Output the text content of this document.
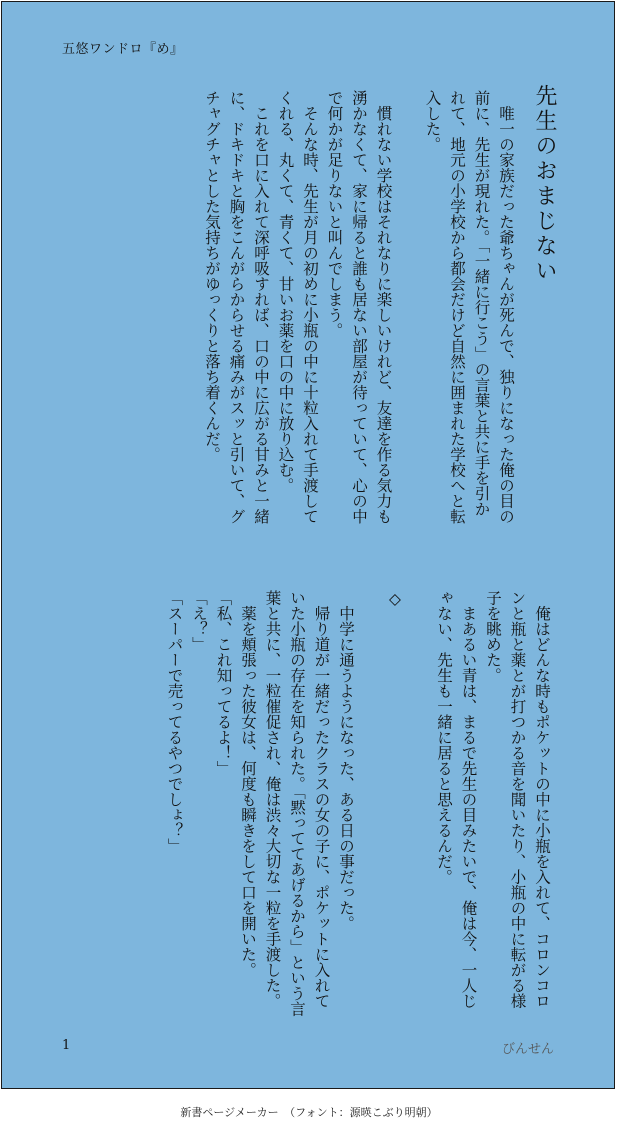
五悠ワンドロ『め』
先生のおまじない
　唯一の家族だった爺ちゃんが死んで、独りになった俺の目の前に、先生が現れた。「一緒に行こう」の言葉と共に手を引かれて、地元の小学校から都会だけど自然に囲まれた学校へと転入した。

　慣れない学校はそれなりに楽しいけれど、友達を作る気力も湧かなくて、家に帰ると誰も居ない部屋が待っていて、心の中で何かが足りないと叫んでしまう。
　そんな時、先生が月の初めに小瓶の中に十粒入れて手渡してくれる、丸くて、青くて、甘いお薬を口の中に放り込む。
　これを口に入れて深呼吸すれば、口の中に広がる甘みと一緒に、ドキドキと胸をこんがらからせる痛みがスッと引いて、グチャグチャとした気持ちがゆっくりと落ち着くんだ。
　俺はどんな時もポケットの中に小瓶を入れて、コロンコロンと瓶と薬とが打つかる音を聞いたり、小瓶の中に転がる様子を眺めた。
　まあるい青は、まるで先生の目みたいで、俺は今、一人じゃない、先生も一緒に居ると思えるんだ。

◇

　中学に通うようになった、ある日の事だった。
　帰り道が一緒だったクラスの女の子に、ポケットに入れていた小瓶の存在を知られた。「黙っててあげるから」という言葉と共に、一粒催促され、俺は渋々大切な一粒を手渡した。
　薬を頬張った彼女は、何度も瞬きをして口を開いた。
「私、これ知ってるよ！」
「え？」
「スーパーで売ってるやつでしょ？」
1	びんせん
新書ページメーカー　（フォント：源暎こぶり明朝）
